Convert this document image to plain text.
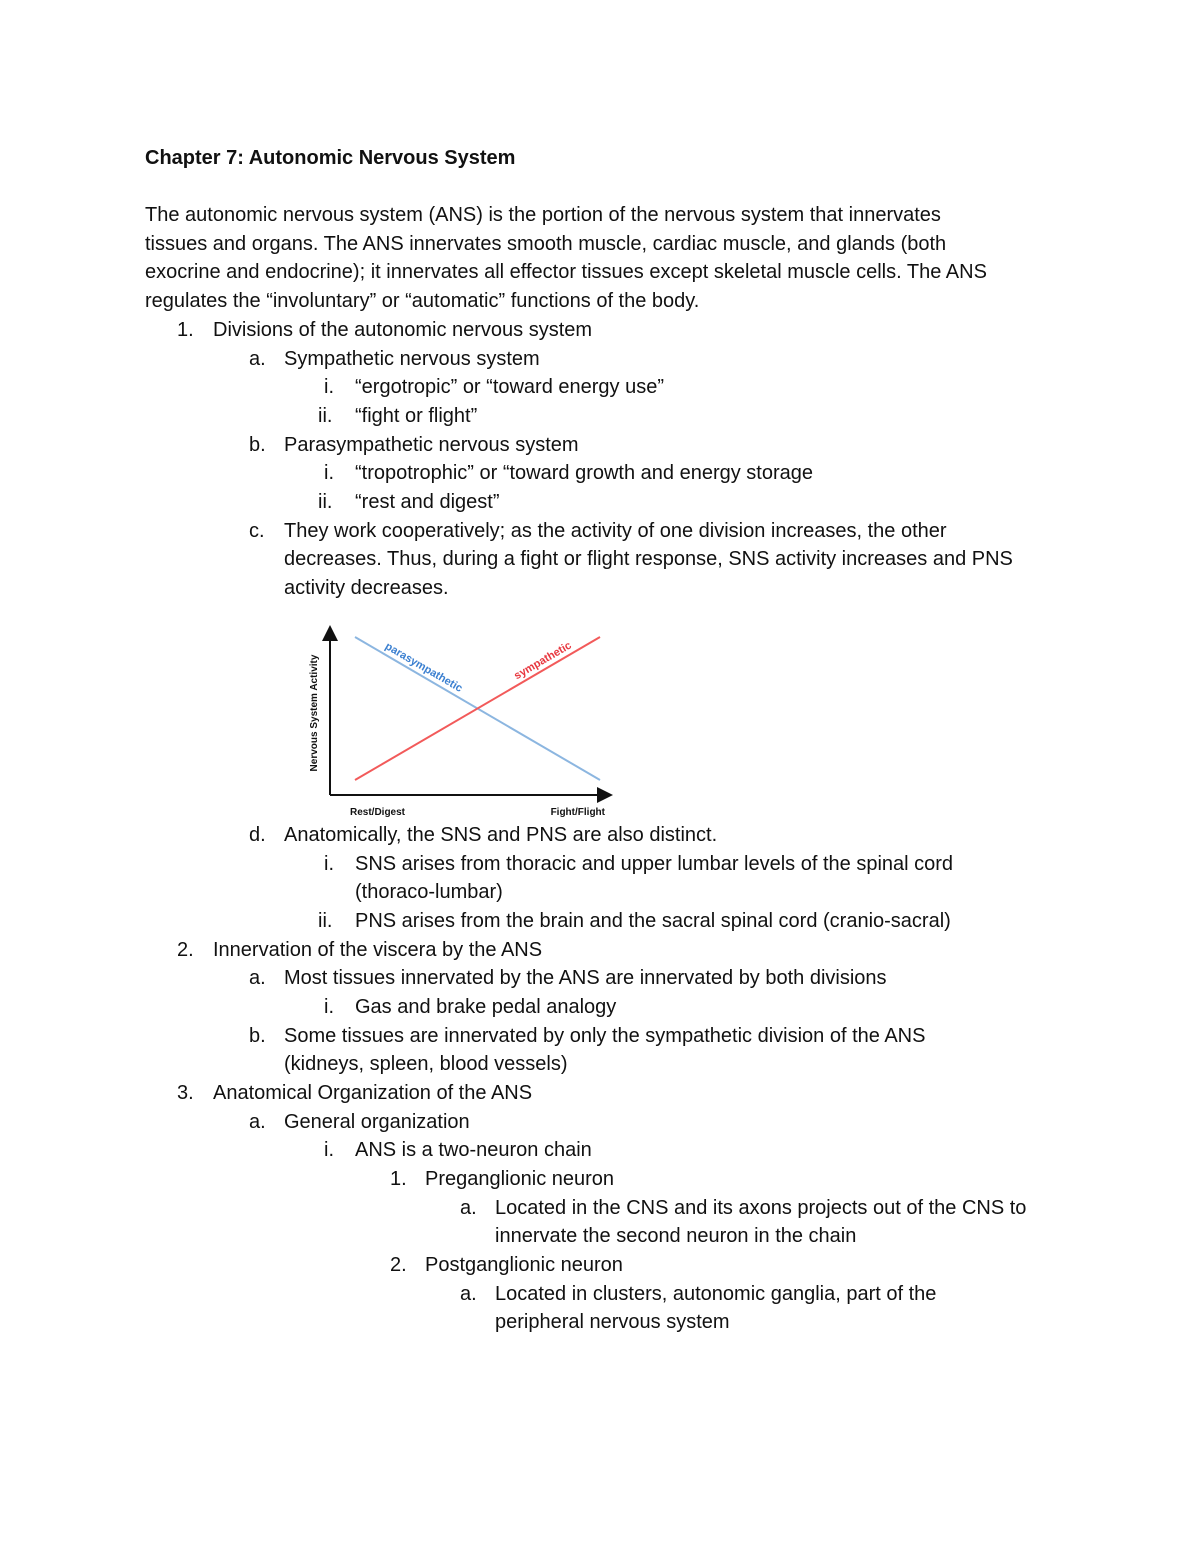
Chapter 7: Autonomic Nervous System
The autonomic nervous system (ANS) is the portion of the nervous system that innervates
tissues and organs. The ANS innervates smooth muscle, cardiac muscle, and glands (both
exocrine and endocrine); it innervates all effector tissues except skeletal muscle cells. The ANS
regulates the “involuntary” or “automatic” functions of the body.
1. Divisions of the autonomic nervous system
a. Sympathetic nervous system
i. “ergotropic” or “toward energy use”
ii. “fight or flight”
b. Parasympathetic nervous system
i. “tropotrophic” or “toward growth and energy storage
ii. “rest and digest”
c. They work cooperatively; as the activity of one division increases, the other
decreases. Thus, during a fight or flight response, SNS activity increases and PNS
activity decreases.
Nervous System Activity
Rest/Digest	Fight/Flight
parasympathetic	sympathetic
d. Anatomically, the SNS and PNS are also distinct.
i. SNS arises from thoracic and upper lumbar levels of the spinal cord
(thoraco-lumbar)
ii. PNS arises from the brain and the sacral spinal cord (cranio-sacral)
2. Innervation of the viscera by the ANS
a. Most tissues innervated by the ANS are innervated by both divisions
i. Gas and brake pedal analogy
b. Some tissues are innervated by only the sympathetic division of the ANS
(kidneys, spleen, blood vessels)
3. Anatomical Organization of the ANS
a. General organization
i. ANS is a two-neuron chain
1. Preganglionic neuron
a. Located in the CNS and its axons projects out of the CNS to
innervate the second neuron in the chain
2. Postganglionic neuron
a. Located in clusters, autonomic ganglia, part of the
peripheral nervous system
